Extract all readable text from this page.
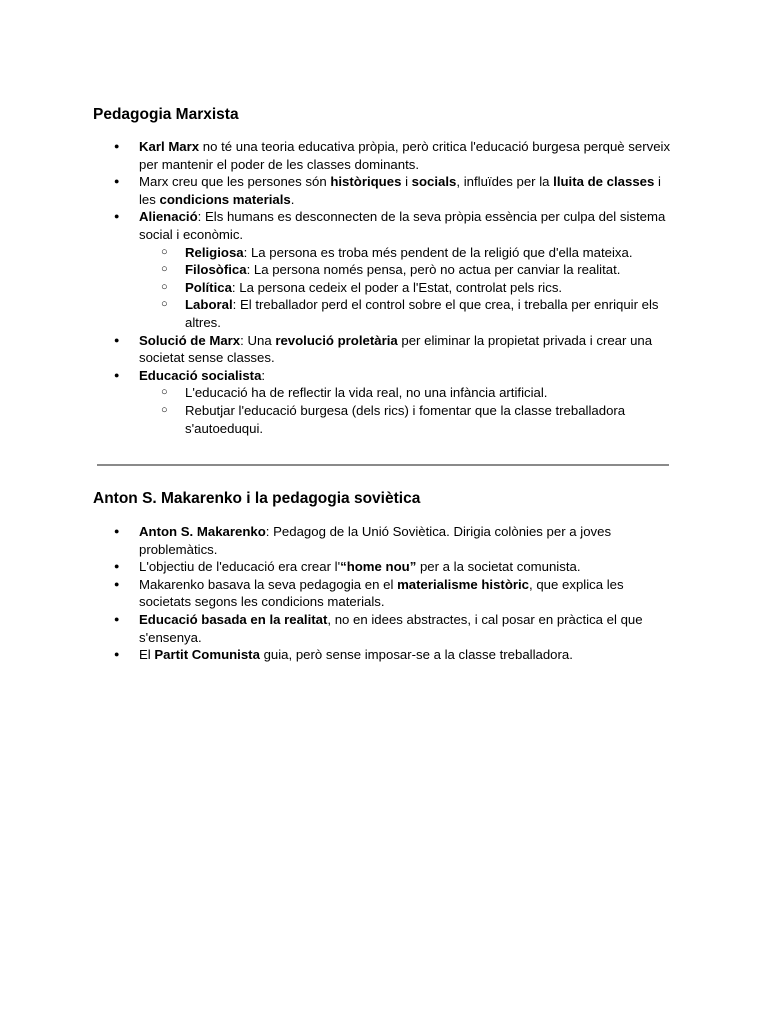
Pedagogia Marxista
● Karl Marx no té una teoria educativa pròpia, però critica l'educació burgesa perquè serveix per mantenir el poder de les classes dominants.
● Marx creu que les persones són històriques i socials, influïdes per la lluita de classes i les condicions materials.
● Alienació: Els humans es desconnecten de la seva pròpia essència per culpa del sistema social i econòmic.
○ Religiosa: La persona es troba més pendent de la religió que d'ella mateixa.
○ Filosòfica: La persona només pensa, però no actua per canviar la realitat.
○ Política: La persona cedeix el poder a l'Estat, controlat pels rics.
○ Laboral: El treballador perd el control sobre el que crea, i treballa per enriquir els altres.
● Solució de Marx: Una revolució proletària per eliminar la propietat privada i crear una societat sense classes.
● Educació socialista:
○ L'educació ha de reflectir la vida real, no una infància artificial.
○ Rebutjar l'educació burgesa (dels rics) i fomentar que la classe treballadora s'autoeduqui.
Anton S. Makarenko i la pedagogia soviètica
● Anton S. Makarenko: Pedagog de la Unió Soviètica. Dirigia colònies per a joves problemàtics.
● L'objectiu de l'educació era crear l'“home nou” per a la societat comunista.
● Makarenko basava la seva pedagogia en el materialisme històric, que explica les societats segons les condicions materials.
● Educació basada en la realitat, no en idees abstractes, i cal posar en pràctica el que s'ensenya.
● El Partit Comunista guia, però sense imposar-se a la classe treballadora.
